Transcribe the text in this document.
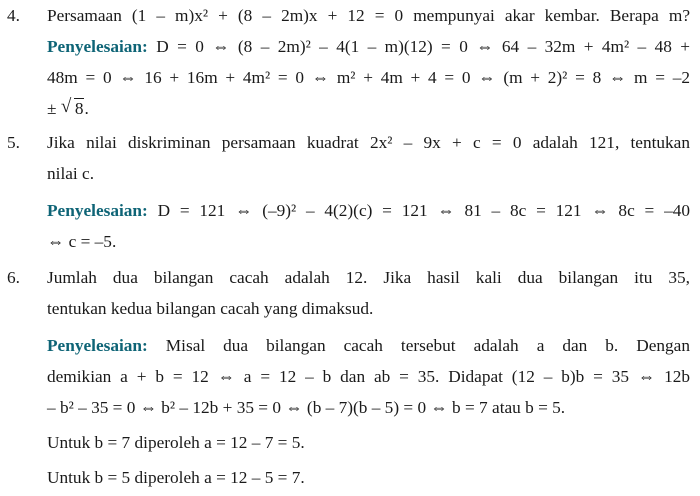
4. Persamaan (1 – m)x² + (8 – 2m)x + 12 = 0 mempunyai akar kembar. Berapa m?
Penyelesaian: D = 0 ⇔ (8 – 2m)² – 4(1 – m)(12) = 0 ⇔ 64 – 32m + 4m² – 48 +
48m = 0 ⇔ 16 + 16m + 4m² = 0 ⇔ m² + 4m + 4 = 0 ⇔ (m + 2)² = 8 ⇔ m = –2
± √ 8.
5. Jika nilai diskriminan persamaan kuadrat 2x² – 9x + c = 0 adalah 121, tentukan
nilai c.
Penyelesaian: D = 121 ⇔ (–9)² – 4(2)(c) = 121 ⇔ 81 – 8c = 121 ⇔ 8c = –40
⇔ c = –5.
6. Jumlah dua bilangan cacah adalah 12. Jika hasil kali dua bilangan itu 35,
tentukan kedua bilangan cacah yang dimaksud.
Penyelesaian: Misal dua bilangan cacah tersebut adalah a dan b. Dengan
demikian a + b = 12 ⇔ a = 12 – b dan ab = 35. Didapat (12 – b)b = 35 ⇔ 12b
– b² – 35 = 0 ⇔ b² – 12b + 35 = 0 ⇔ (b – 7)(b – 5) = 0 ⇔ b = 7 atau b = 5.
Untuk b = 7 diperoleh a = 12 – 7 = 5.
Untuk b = 5 diperoleh a = 12 – 5 = 7.
